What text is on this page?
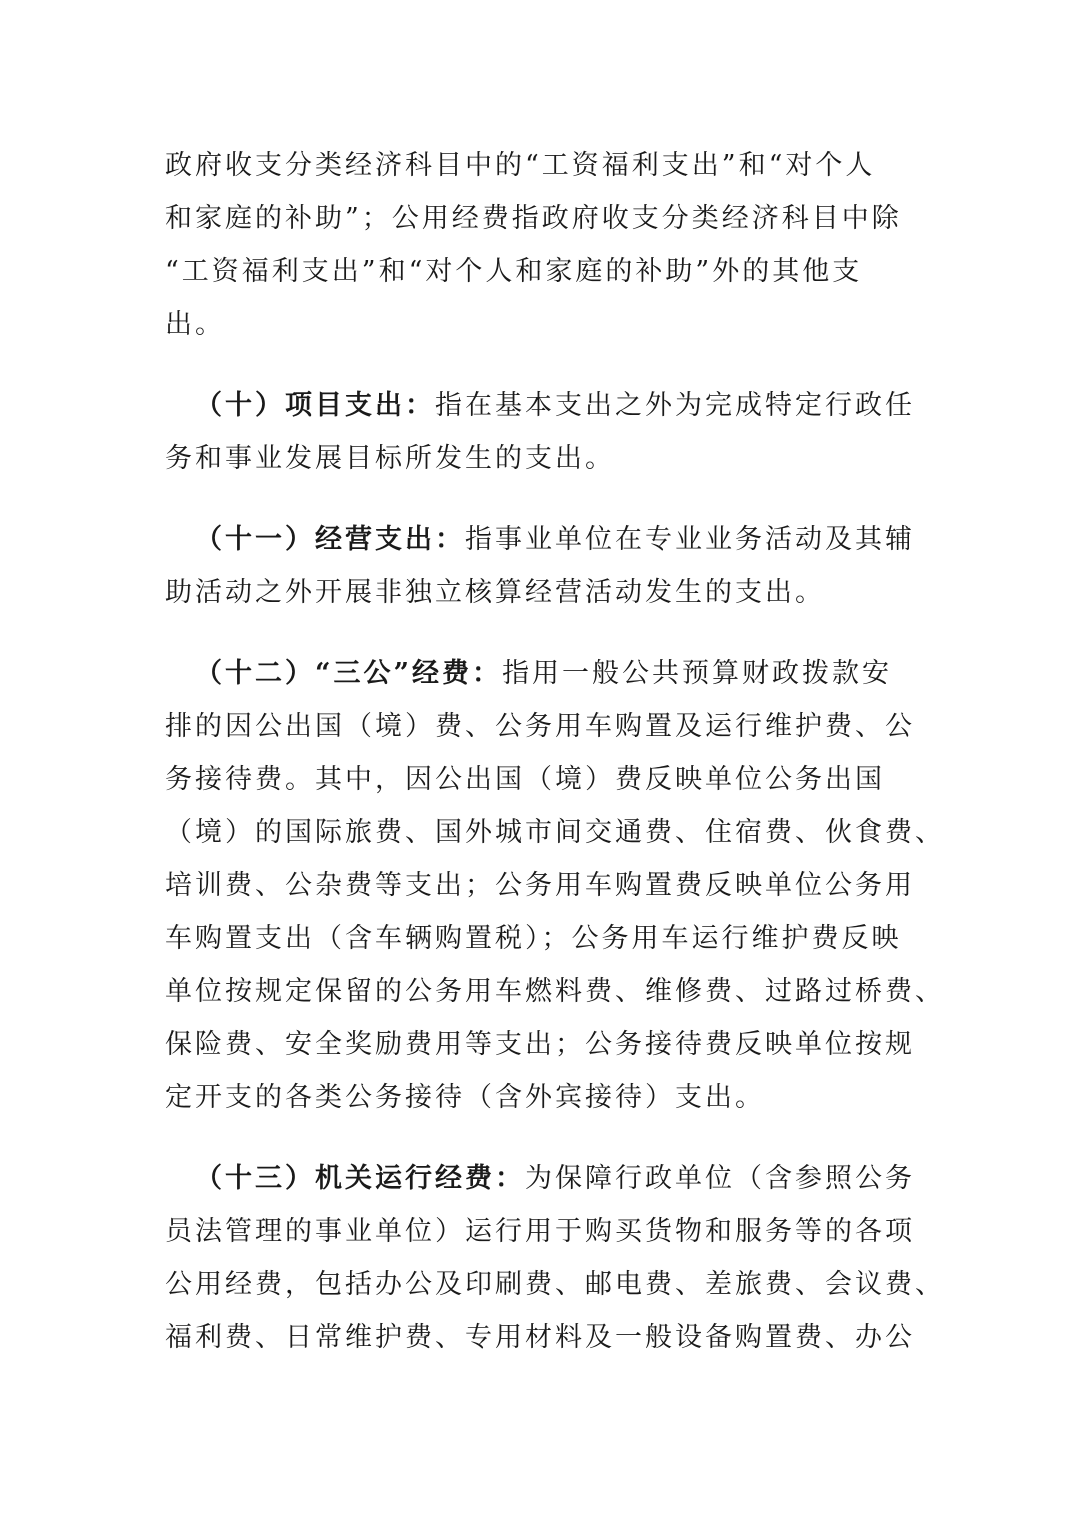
政府收支分类经济科目中的“工资福利支出”和“对个人
和家庭的补助”；公用经费指政府收支分类经济科目中除
“工资福利支出”和“对个人和家庭的补助”外的其他支
出。
（十）项目支出：指在基本支出之外为完成特定行政任
务和事业发展目标所发生的支出。
（十一）经营支出：指事业单位在专业业务活动及其辅
助活动之外开展非独立核算经营活动发生的支出。
（十二）“三公”经费：指用一般公共预算财政拨款安
排的因公出国（境）费、公务用车购置及运行维护费、公
务接待费。其中，因公出国（境）费反映单位公务出国
（境）的国际旅费、国外城市间交通费、住宿费、伙食费、
培训费、公杂费等支出；公务用车购置费反映单位公务用
车购置支出（含车辆购置税）；公务用车运行维护费反映
单位按规定保留的公务用车燃料费、维修费、过路过桥费、
保险费、安全奖励费用等支出；公务接待费反映单位按规
定开支的各类公务接待（含外宾接待）支出。
（十三）机关运行经费：为保障行政单位（含参照公务
员法管理的事业单位）运行用于购买货物和服务等的各项
公用经费，包括办公及印刷费、邮电费、差旅费、会议费、
福利费、日常维护费、专用材料及一般设备购置费、办公
